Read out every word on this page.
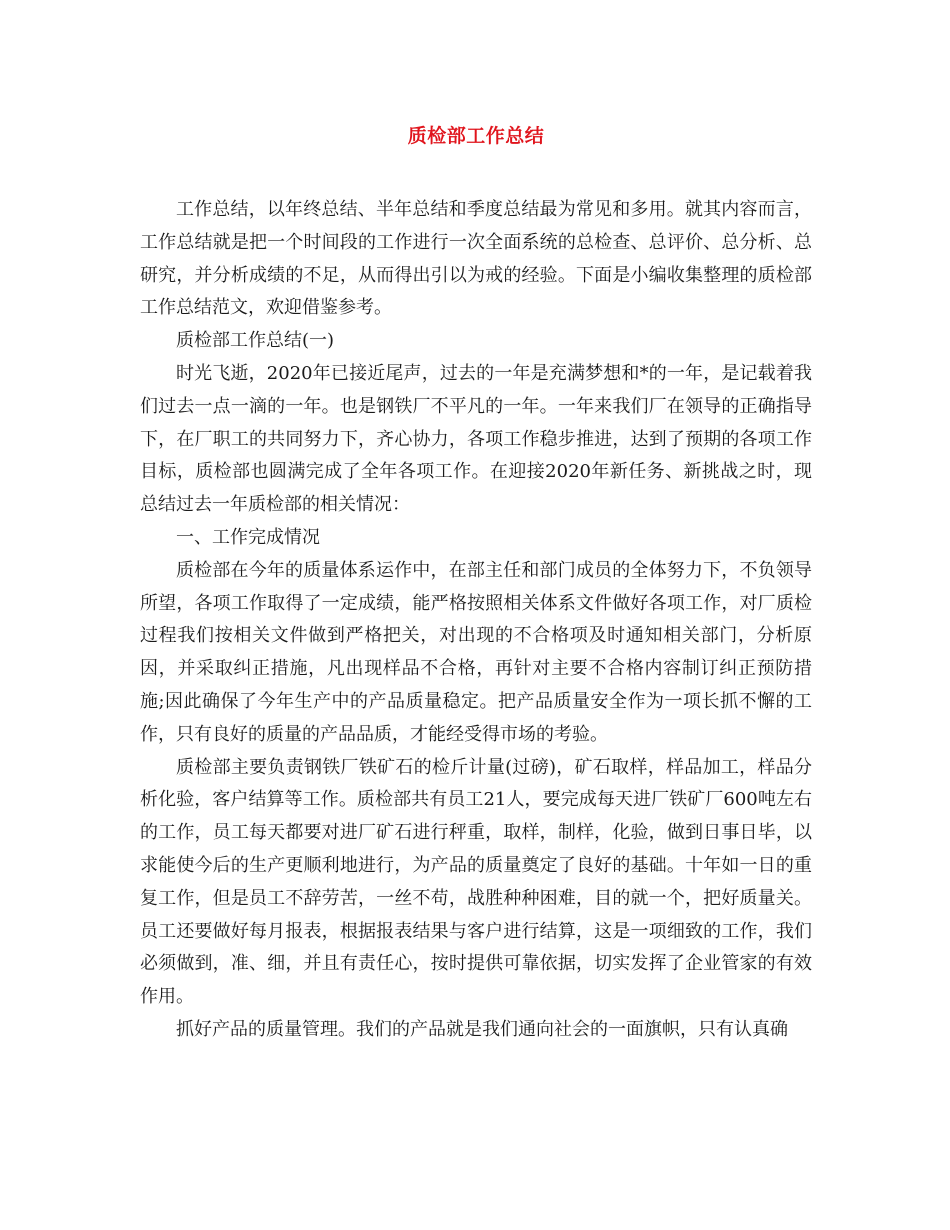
质检部工作总结

工作总结，以年终总结、半年总结和季度总结最为常见和多用。就其内容而言，工作总结就是把一个时间段的工作进行一次全面系统的总检查、总评价、总分析、总研究，并分析成绩的不足，从而得出引以为戒的经验。下面是小编收集整理的质检部工作总结范文，欢迎借鉴参考。

质检部工作总结(一)

时光飞逝，2020年已接近尾声，过去的一年是充满梦想和*的一年，是记载着我们过去一点一滴的一年。也是钢铁厂不平凡的一年。一年来我们厂在领导的正确指导下，在厂职工的共同努力下，齐心协力，各项工作稳步推进，达到了预期的各项工作目标，质检部也圆满完成了全年各项工作。在迎接2020年新任务、新挑战之时，现总结过去一年质检部的相关情况：

一、工作完成情况

质检部在今年的质量体系运作中，在部主任和部门成员的全体努力下，不负领导所望，各项工作取得了一定成绩，能严格按照相关体系文件做好各项工作，对厂质检过程我们按相关文件做到严格把关，对出现的不合格项及时通知相关部门，分析原因，并采取纠正措施，凡出现样品不合格，再针对主要不合格内容制订纠正预防措施;因此确保了今年生产中的产品质量稳定。把产品质量安全作为一项长抓不懈的工作，只有良好的质量的产品品质，才能经受得市场的考验。

质检部主要负责钢铁厂铁矿石的检斤计量(过磅)，矿石取样，样品加工，样品分析化验，客户结算等工作。质检部共有员工21人，要完成每天进厂铁矿厂600吨左右的工作，员工每天都要对进厂矿石进行秤重，取样，制样，化验，做到日事日毕，以求能使今后的生产更顺利地进行，为产品的质量奠定了良好的基础。十年如一日的重复工作，但是员工不辞劳苦，一丝不苟，战胜种种困难，目的就一个，把好质量关。员工还要做好每月报表，根据报表结果与客户进行结算，这是一项细致的工作，我们必须做到，准、细，并且有责任心，按时提供可靠依据，切实发挥了企业管家的有效作用。

抓好产品的质量管理。我们的产品就是我们通向社会的一面旗帜，只有认真确
